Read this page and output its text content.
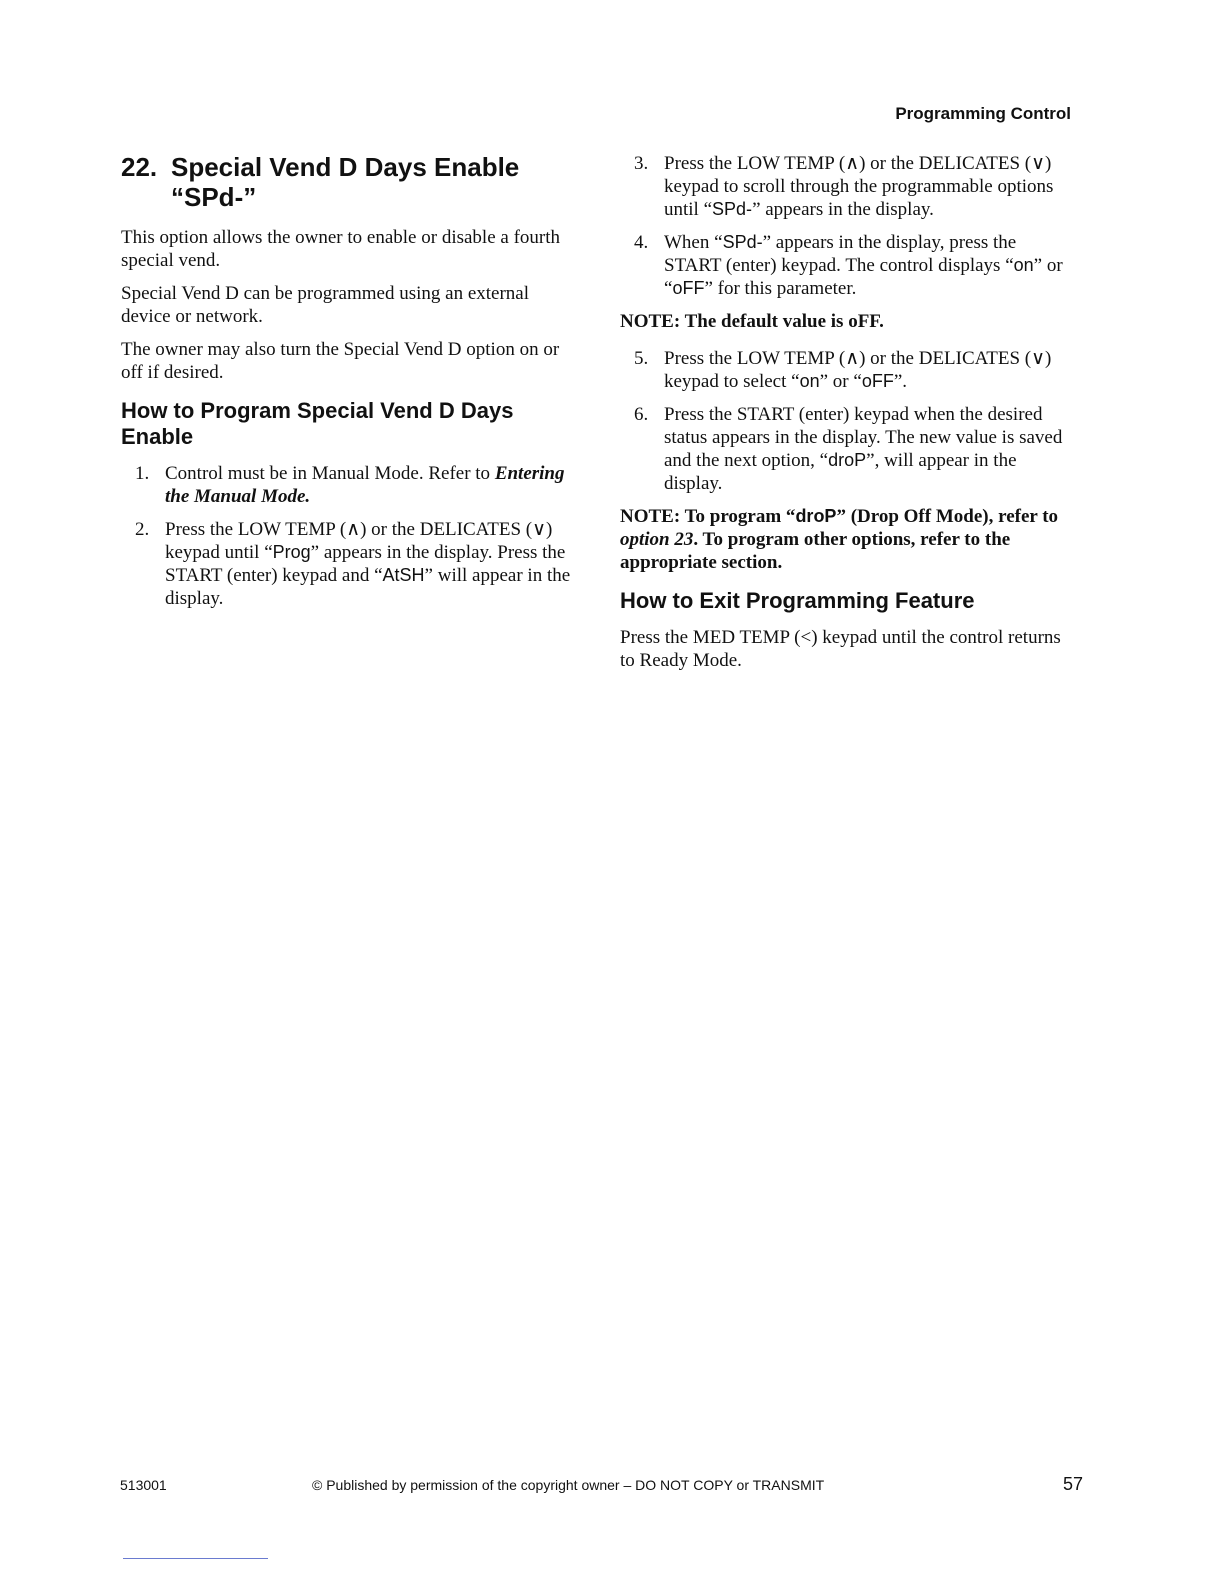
Programming Control
22. Special Vend D Days Enable
“SPd-”

This option allows the owner to enable or disable a fourth special vend.

Special Vend D can be programmed using an external device or network.

The owner may also turn the Special Vend D option on or off if desired.

How to Program Special Vend D Days Enable
1. Control must be in Manual Mode. Refer to Entering the Manual Mode.
2. Press the LOW TEMP (∧) or the DELICATES (∨) keypad until “Prog” appears in the display. Press the START (enter) keypad and “AtSH” will appear in the display.
3. Press the LOW TEMP (∧) or the DELICATES (∨) keypad to scroll through the programmable options until “SPd-” appears in the display.
4. When “SPd-” appears in the display, press the START (enter) keypad. The control displays “on” or “oFF” for this parameter.
NOTE: The default value is oFF.
5. Press the LOW TEMP (∧) or the DELICATES (∨) keypad to select “on” or “oFF”.
6. Press the START (enter) keypad when the desired status appears in the display. The new value is saved and the next option, “droP”, will appear in the display.
NOTE: To program “droP” (Drop Off Mode), refer to option 23. To program other options, refer to the appropriate section.
How to Exit Programming Feature

Press the MED TEMP (<) keypad until the control returns to Ready Mode.

513001	© Published by permission of the copyright owner – DO NOT COPY or TRANSMIT	57
